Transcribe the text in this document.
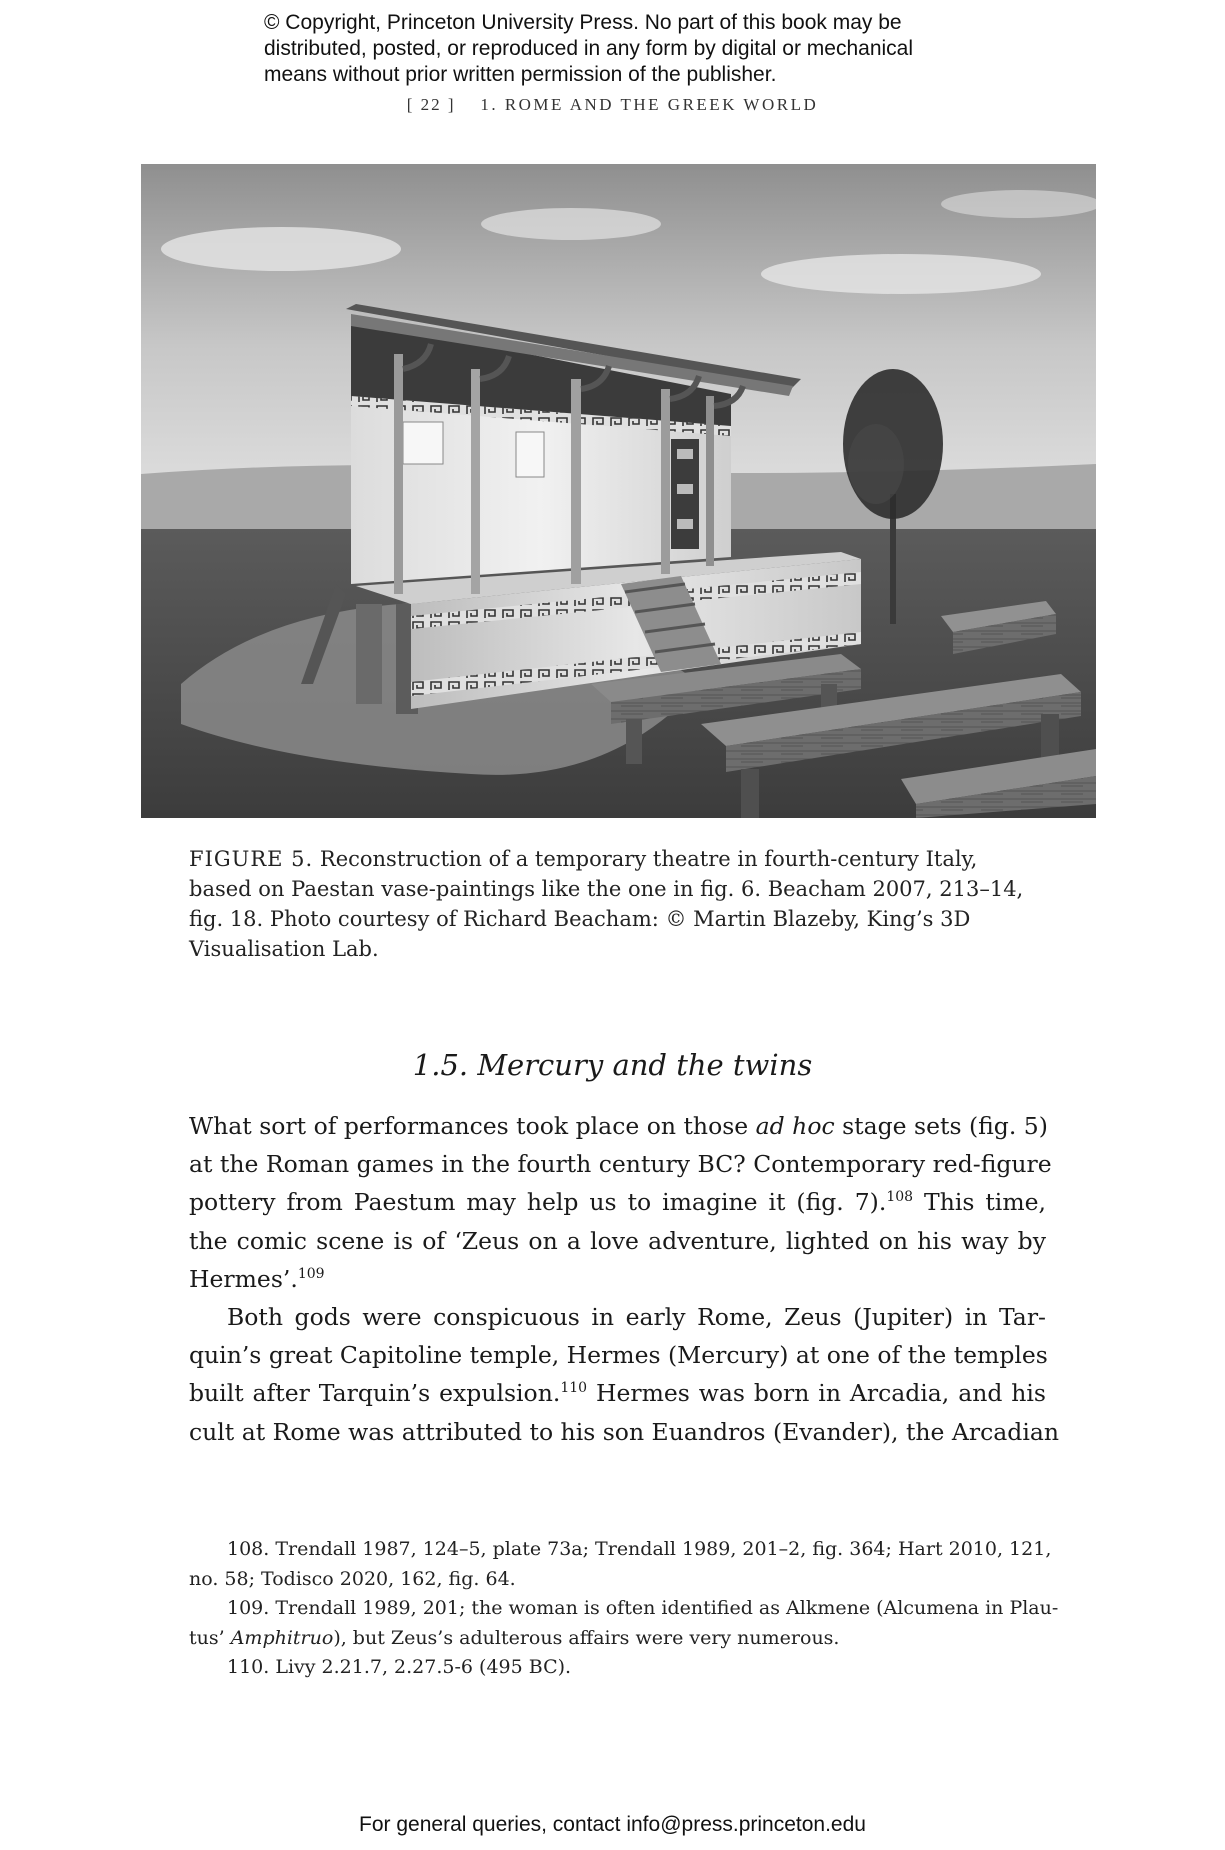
© Copyright, Princeton University Press. No part of this book may be
distributed, posted, or reproduced in any form by digital or mechanical
means without prior written permission of the publisher.
[ 22 ] 1. ROME AND THE GREEK WORLD
FIGURE 5. Reconstruction of a temporary theatre in fourth-century Italy,
based on Paestan vase-paintings like the one in fig. 6. Beacham 2007, 213–14,
fig. 18. Photo courtesy of Richard Beacham: © Martin Blazeby, King’s 3D
Visualisation Lab.
1.5. Mercury and the twins

What sort of performances took place on those ad hoc stage sets (fig. 5)
at the Roman games in the fourth century BC? Contemporary red-figure
pottery from Paestum may help us to imagine it (fig. 7).$^{108}$ This time,
the comic scene is of ‘Zeus on a love adventure, lighted on his way by
Hermes’.$^{109}$

Both gods were conspicuous in early Rome, Zeus (Jupiter) in Tar-
quin’s great Capitoline temple, Hermes (Mercury) at one of the temples
built after Tarquin’s expulsion.$^{110}$ Hermes was born in Arcadia, and his
cult at Rome was attributed to his son Euandros (Evander), the Arcadian

108. Trendall 1987, 124–5, plate 73a; Trendall 1989, 201–2, fig. 364; Hart 2010, 121,
no. 58; Todisco 2020, 162, fig. 64.
109. Trendall 1989, 201; the woman is often identified as Alkmene (Alcumena in Plau-
tus’ Amphitruo), but Zeus’s adulterous affairs were very numerous.
110. Livy 2.21.7, 2.27.5-6 (495 BC).
For general queries, contact info@press.princeton.edu
